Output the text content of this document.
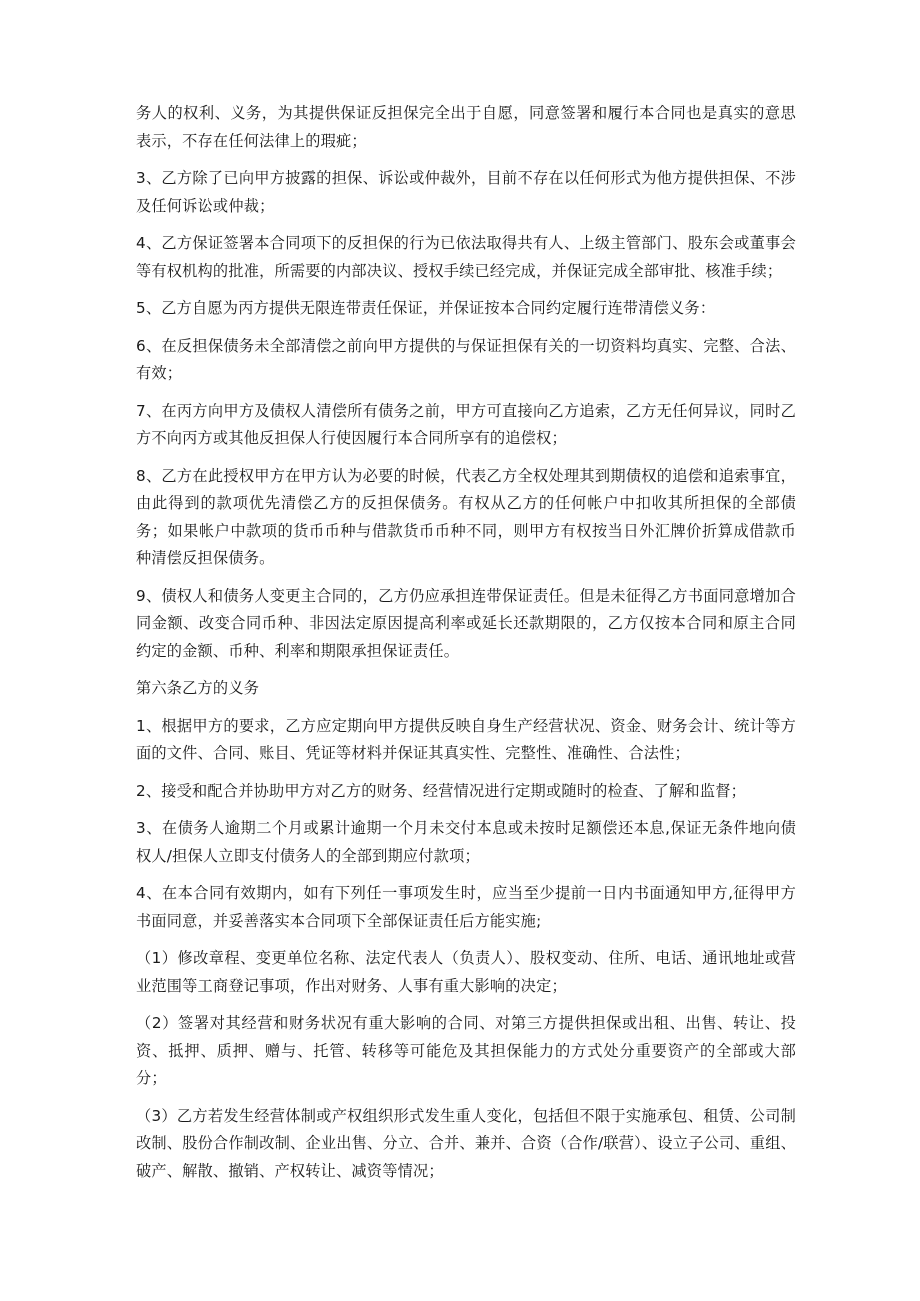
务人的权利、义务，为其提供保证反担保完全出于自愿，同意签署和履行本合同也是真实的意思表示，不存在任何法律上的瑕疵；

3、乙方除了已向甲方披露的担保、诉讼或仲裁外，目前不存在以任何形式为他方提供担保、不涉及任何诉讼或仲裁；

4、乙方保证签署本合同项下的反担保的行为已依法取得共有人、上级主管部门、股东会或董事会等有权机构的批准，所需要的内部决议、授权手续已经完成，并保证完成全部审批、核准手续；

5、乙方自愿为丙方提供无限连带责任保证，并保证按本合同约定履行连带清偿义务：

6、在反担保债务未全部清偿之前向甲方提供的与保证担保有关的一切资料均真实、完整、合法、有效；

7、在丙方向甲方及债权人清偿所有债务之前，甲方可直接向乙方追索，乙方无任何异议，同时乙方不向丙方或其他反担保人行使因履行本合同所享有的追偿权；

8、乙方在此授权甲方在甲方认为必要的时候，代表乙方全权处理其到期债权的追偿和追索事宜，由此得到的款项优先清偿乙方的反担保债务。有权从乙方的任何帐户中扣收其所担保的全部债务；如果帐户中款项的货币币种与借款货币币种不同，则甲方有权按当日外汇牌价折算成借款币种清偿反担保债务。

9、债权人和债务人变更主合同的，乙方仍应承担连带保证责任。但是未征得乙方书面同意增加合同金额、改变合同币种、非因法定原因提高利率或延长还款期限的，乙方仅按本合同和原主合同约定的金额、币种、利率和期限承担保证责任。

第六条乙方的义务

1、根据甲方的要求，乙方应定期向甲方提供反映自身生产经营状况、资金、财务会计、统计等方面的文件、合同、账目、凭证等材料并保证其真实性、完整性、准确性、合法性；

2、接受和配合并协助甲方对乙方的财务、经营情况进行定期或随时的检查、了解和监督；

3、在债务人逾期二个月或累计逾期一个月未交付本息或未按时足额偿还本息,保证无条件地向债权人/担保人立即支付债务人的全部到期应付款项；

4、在本合同有效期内，如有下列任一事项发生时，应当至少提前一日内书面通知甲方,征得甲方书面同意，并妥善落实本合同项下全部保证责任后方能实施;

（1）修改章程、变更单位名称、法定代表人（负责人）、股权变动、住所、电话、通讯地址或营业范围等工商登记事项，作出对财务、人事有重大影响的决定；

（2）签署对其经营和财务状况有重大影响的合同、对第三方提供担保或出租、出售、转让、投资、抵押、质押、赠与、托管、转移等可能危及其担保能力的方式处分重要资产的全部或大部分；

（3）乙方若发生经营体制或产权组织形式发生重人变化，包括但不限于实施承包、租赁、公司制改制、股份合作制改制、企业出售、分立、合并、兼并、合资（合作/联营）、设立子公司、重组、破产、解散、撤销、产权转让、减资等情况；
